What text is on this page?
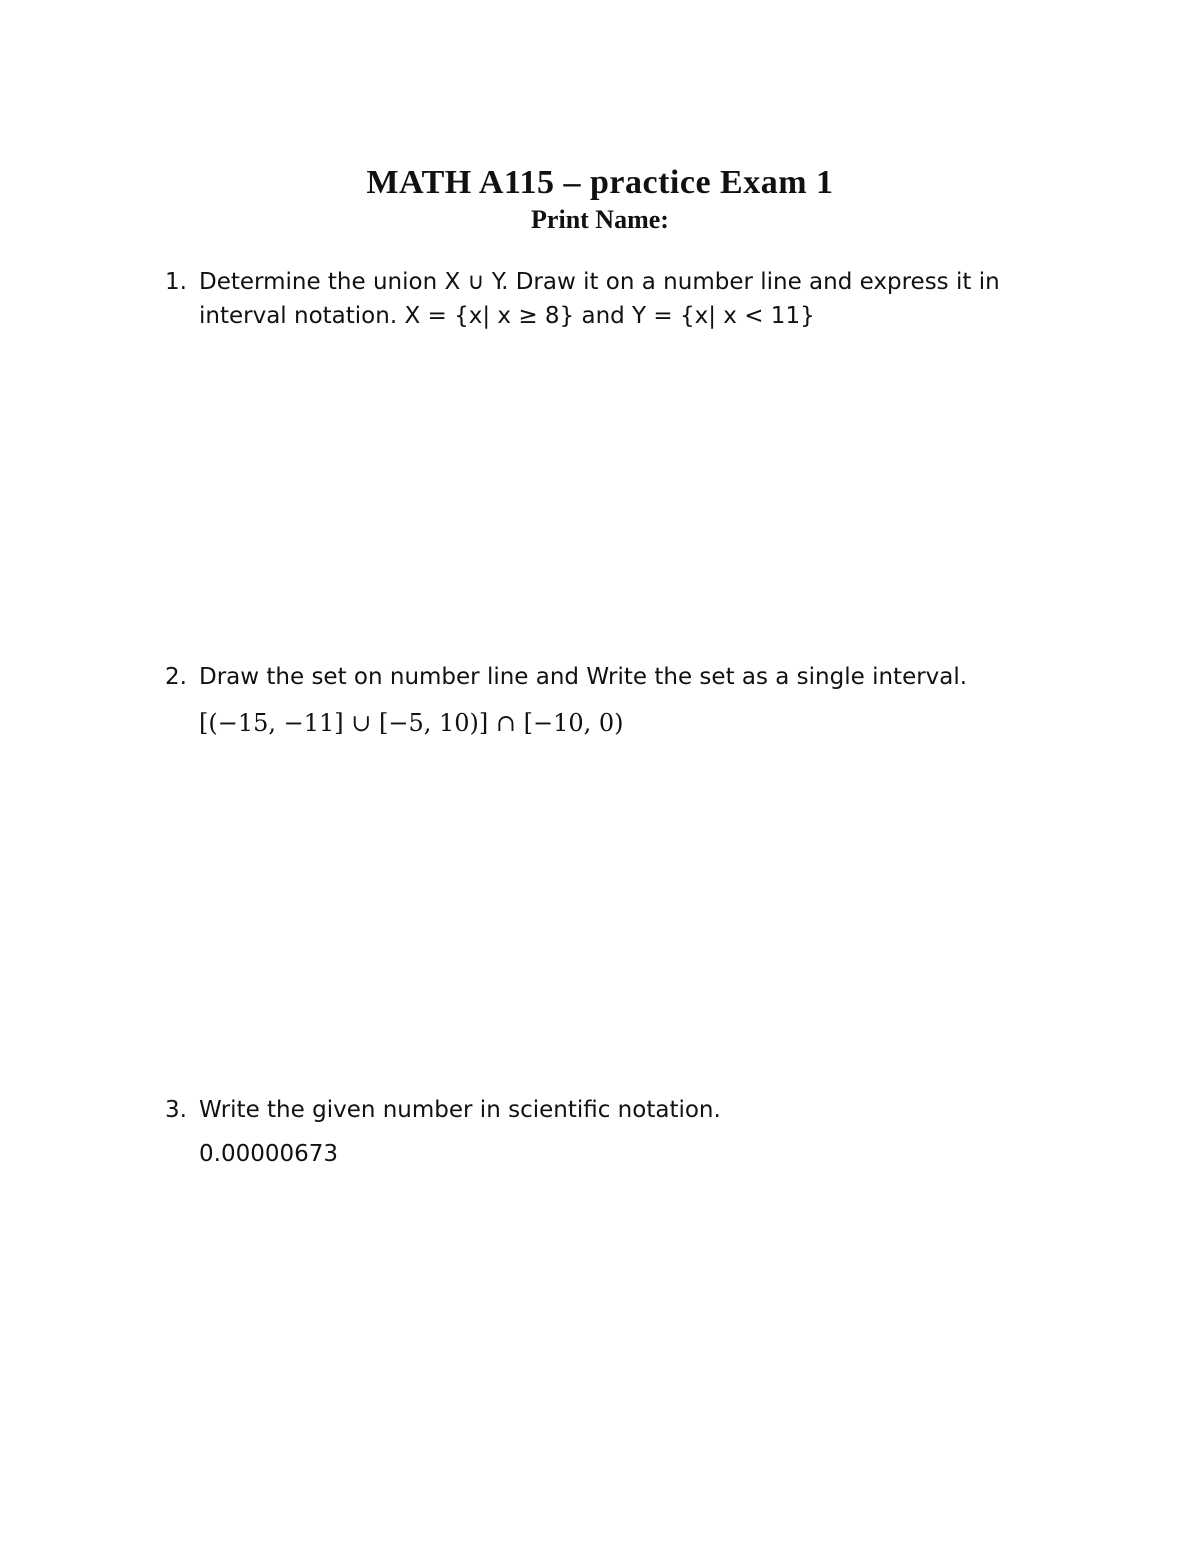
MATH A115 – practice Exam 1
Print Name:
1. Determine the union X ∪ Y. Draw it on a number line and express it in
interval notation. X = {x| x ≥ 8} and Y = {x| x < 11}
2. Draw the set on number line and Write the set as a single interval.
[(−15, −11] ∪ [−5, 10)] ∩ [−10, 0)
3. Write the given number in scientific notation.
0.00000673
